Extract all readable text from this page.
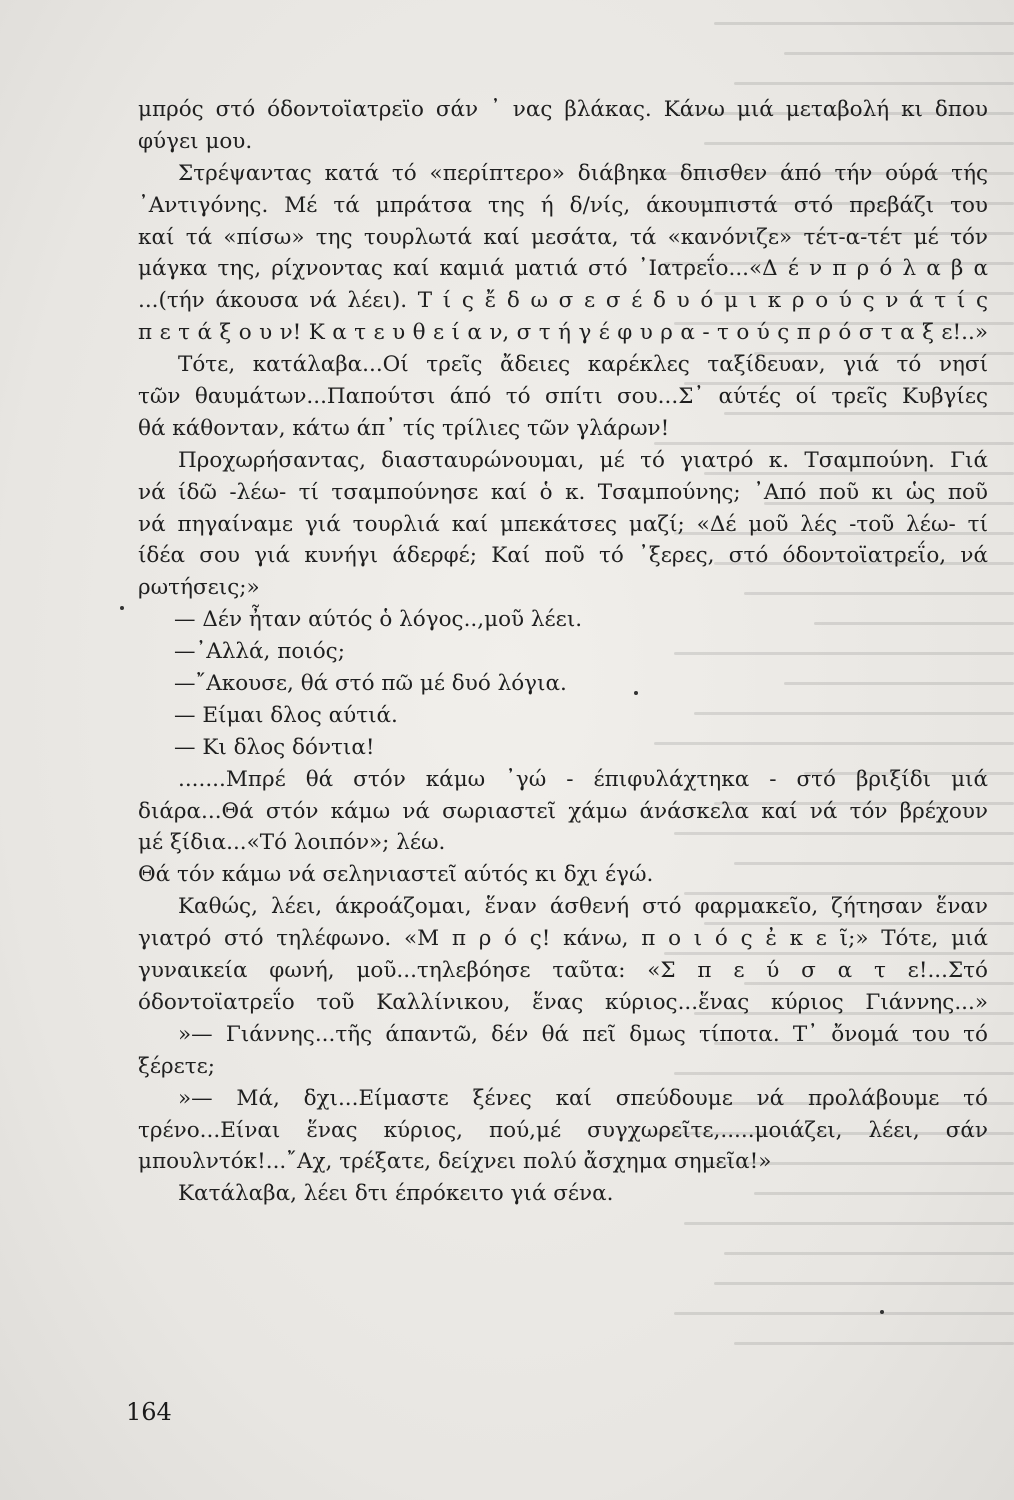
μπρός στό όδοντοϊατρεϊο σάν ᾽ νας βλάκας. Κάνω μιά μεταβολή κι δπου
φύγει μου.
Στρέψαντας κατά τό «περίπτερο» διάβηκα δπισθεν άπό τήν ούρά τής
᾽Αντιγόνης. Μέ τά μπράτσα της ή δ/νίς, άκουμπιστά στό πρεβάζι του
καί τά «πίσω» της τουρλωτά καί μεσάτα, τά «κανόνιζε» τέτ-α-τέτ μέ τόν
μάγκα της, ρίχνοντας καί καμιά ματιά στό ᾽Ιατρεΐο...«Δ έ ν π ρ ό λ α β α
...(τήν άκουσα νά λέει). Τ ί ς ἔ δ ω σ ε σ έ δ υ ό μ ι κ ρ ο ύ ς ν ά τ ί ς
π ε τ ά ξ ο υ ν! Κ α τ ε υ θ ε ί α ν, σ τ ή γ έ φ υ ρ α - τ ο ύ ς π ρ ό σ τ α ξ ε!..»
Τότε, κατάλαβα...Οί τρεῖς ἄδειες καρέκλες ταξίδευαν, γιά τό νησί
τῶν θαυμάτων...Παπούτσι άπό τό σπίτι σου...Σ᾽ αύτές οί τρεῖς Κυβγίες
θά κάθονταν, κάτω άπ᾽ τίς τρίλιες τῶν γλάρων!
Προχωρήσαντας, διασταυρώνουμαι, μέ τό γιατρό κ. Τσαμπούνη. Γιά
νά ίδῶ -λέω- τί τσαμπούνησε καί ὁ κ. Τσαμπούνης; ᾽Από ποῦ κι ὡς ποῦ
νά πηγαίναμε γιά τουρλιά καί μπεκάτσες μαζί; «Δέ μοῦ λές -τοῦ λέω- τί
ίδέα σου γιά κυνήγι άδερφέ; Καί ποῦ τό ᾽ξερες, στό όδοντοϊατρεΐο, νά
ρωτήσεις;»
— Δέν ἦταν αύτός ὁ λόγος..,μοῦ λέει.
—᾽Αλλά, ποιός;
—῎Ακουσε, θά στό πῶ μέ δυό λόγια.
— Είμαι δλος αύτιά.
— Κι δλος δόντια!
.......Μπρέ θά στόν κάμω ᾽γώ - έπιφυλάχτηκα - στό βριξίδι μιά
διάρα...Θά στόν κάμω νά σωριαστεῖ χάμω άνάσκελα καί νά τόν βρέχουν
μέ ξίδια...«Τό λοιπόν»; λέω.
Θά τόν κάμω νά σεληνιαστεῖ αύτός κι δχι έγώ.
Καθώς, λέει, άκροάζομαι, ἕναν άσθενή στό φαρμακεῖο, ζήτησαν ἕναν
γιατρό στό τηλέφωνο. «Μ π ρ ό ς! κάνω, π ο ι ό ς ἐ κ ε ῖ;» Τότε, μιά
γυναικεία φωνή, μοῦ...τηλεβόησε ταῦτα: «Σ π ε ύ σ α τ ε!...Στό
όδοντοϊατρεΐο τοῦ Καλλίνικου, ἕνας κύριος...ἕνας κύριος Γιάννης...»
»— Γιάννης...τῆς άπαντῶ, δέν θά πεῖ δμως τίποτα. Τ᾽ ὄνομά του τό
ξέρετε;
»— Μά, δχι...Είμαστε ξένες καί σπεύδουμε νά προλάβουμε τό
τρένο...Είναι ἕνας κύριος, πού,μέ συγχωρεῖτε,.....μοιάζει, λέει, σάν
μπουλντόκ!...῎Αχ, τρέξατε, δείχνει πολύ ἄσχημα σημεῖα!»
Κατάλαβα, λέει δτι έπρόκειτο γιά σένα.
164
